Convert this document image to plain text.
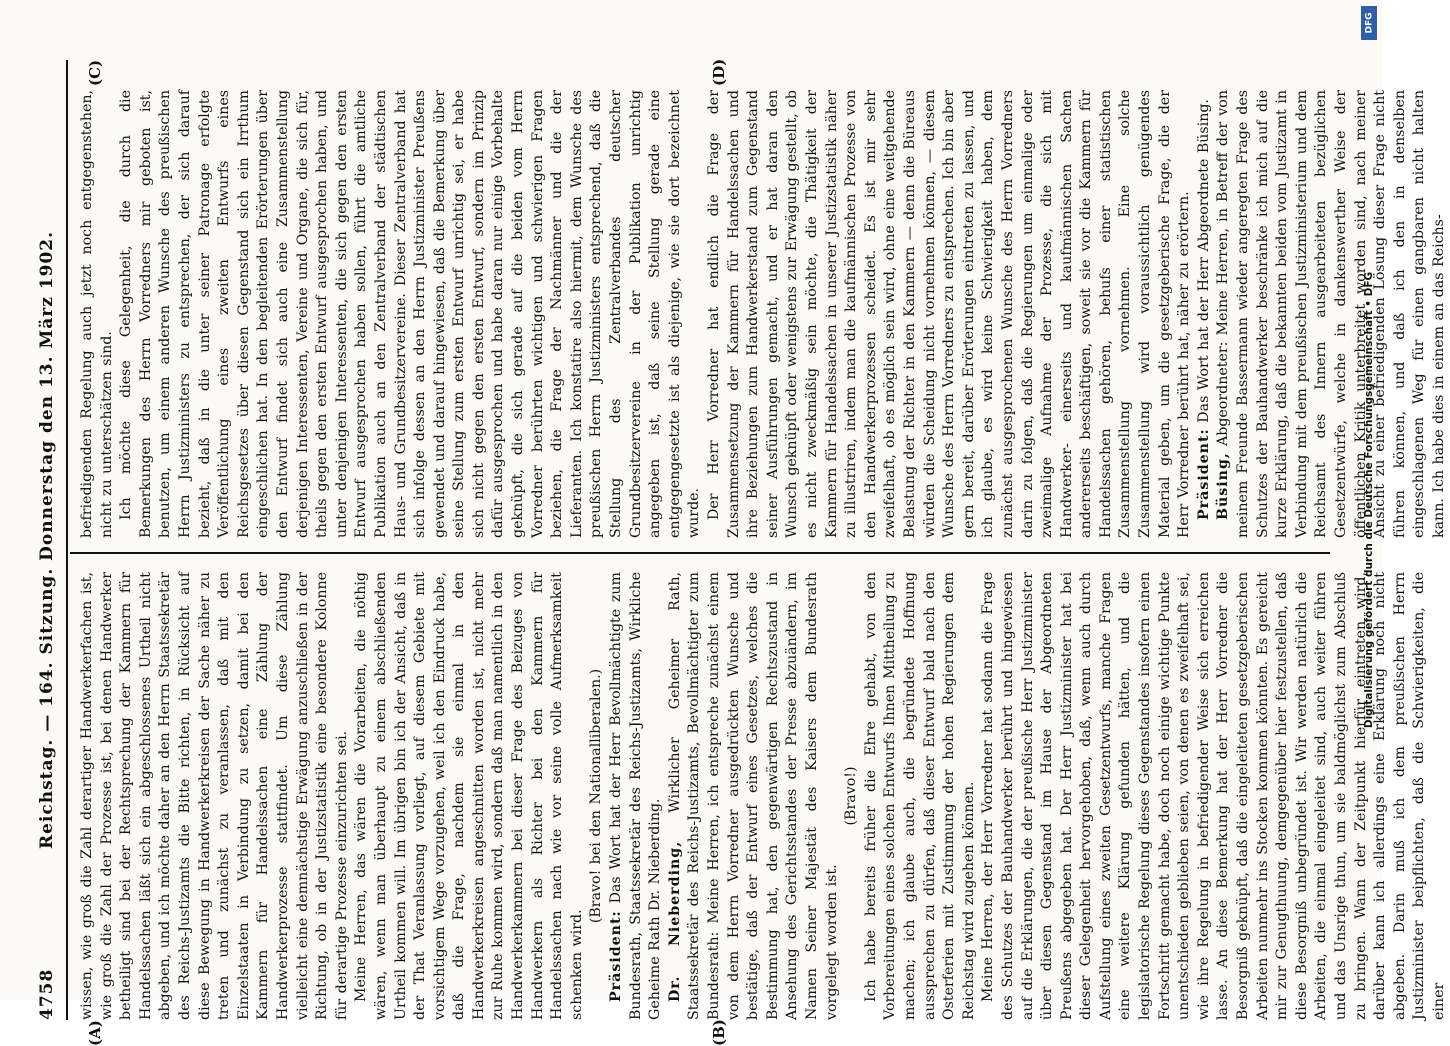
4758
Reichstag. — 164. Sitzung. Donnerstag den 13. März 1902. wissen, wie groß die Zahl derartiger Handwerkerfachen ist, wie groß die Zahl der Prozesse ist, bei denen Handwerker betheiligt sind bei der Rechtsprechung der Kammern für Handelssachen läßt sich ein abgeschlossenes Urtheil nicht abgeben, und ich möchte daher an den Herrn Staatssekretär des Reichs-Justizamts die Bitte richten, in Rücksicht auf diese Bewegung in Handwerkerkreisen der Sache näher zu treten und zunächst zu veranlassen, daß mit den Einzelstaaten in Verbindung zu setzen, damit bei den Kammern für Handelssachen eine Zählung der Handwerkerprozesse stattfindet. Um diese Zählung vielleicht eine demnächstige Erwägung anzuschließen in der Richtung, ob in der Justizstatistik eine besondere Kolonne für derartige Prozesse einzurichten sei. Meine Herren, das wären die Vorarbeiten, die nöthig wären, wenn man überhaupt zu einem abschließenden Urtheil kommen will. Im übrigen bin ich der Ansicht, daß in der That Veranlassung vorliegt, auf diesem Gebiete mit vorsichtigem Wege vorzugehen, weil ich den Eindruck habe, daß die Frage, nachdem sie einmal in den Handwerkerkreisen angeschnitten worden ist, nicht mehr zur Ruhe kommen wird, sondern daß man namentlich in den Handwerkerkammern bei dieser Frage des Beizuges von Handwerkern als Richter bei den Kammern für Handelssachen nach wie vor seine volle Aufmerksamkeit schenken wird.

(Bravo! bei den Nationalliberalen.)

Präsident: Das Wort hat der Herr Bevollmächtigte zum Bundesrath, Staatssekretär des Reichs-Justizamts, Wirkliche Geheime Rath Dr. Nieberding. Dr. Nieberding, Wirklicher Geheimer Rath, Staatssekretär des Reichs-Justizamts, Bevollmächtigter zum Bundesrath: Meine Herren, ich entspreche zunächst einem von dem Herrn Vorredner ausgedrückten Wunsche und bestätige, daß der Entwurf eines Gesetzes, welches die Bestimmung hat, den gegenwärtigen Rechtszustand in Ansehung des Gerichtsstandes der Presse abzuändern, im Namen Seiner Majestät des Kaisers dem Bundesrath vorgelegt worden ist.

(Bravo!) Ich habe bereits früher die Ehre gehabt, von den Vorbereitungen eines solchen Entwurfs Ihnen Mittheilung zu machen; ich glaube auch, die begründete Hoffnung aussprechen zu dürfen, daß dieser Entwurf bald nach den Osterferien mit Zustimmung der hohen Regierungen dem Reichstag wird zugehen können. Meine Herren, der Herr Vorredner hat sodann die Frage des Schutzes der Bauhandwerker berührt und hingewiesen auf die Erklärungen, die der preußische Herr Justizminister über diesen Gegenstand im Hause der Abgeordneten Preußens abgegeben hat. Der Herr Justizminister hat bei dieser Gelegenheit hervorgehoben, daß, wenn auch durch Aufstellung eines zweiten Gesetzentwurfs, manche Fragen eine weitere Klärung gefunden hätten, und die legislatorische Regelung dieses Gegenstandes insofern einen Fortschritt gemacht habe, doch noch einige wichtige Punkte unentschieden geblieben seien, von denen es zweifelhaft sei, wie ihre Regelung in befriedigender Weise sich erreichen lasse. An diese Bemerkung hat der Herr Vorredner die Besorgniß geknüpft, daß die eingeleiteten gesetzgeberischen Arbeiten nunmehr ins Stocken kommen könnten. Es gereicht mir zur Genugthuung, demgegenüber hier festzustellen, daß diese Besorgniß unbegründet ist. Wir werden natürlich die Arbeiten, die einmal eingeleitet sind, auch weiter führen und das Unsrige thun, um sie baldmöglichst zum Abschluß zu bringen. Wann der Zeitpunkt hierfür eintreten wird, darüber kann ich allerdings eine Erklärung noch nicht abgeben. Darin muß ich dem preußischen Herrn Justizminister beipflichten, daß die Schwierigkeiten, die einer

befriedigenden Regelung auch jetzt noch entgegenstehen, nicht zu unterschätzen sind. Ich möchte diese Gelegenheit, die durch die Bemerkungen des Herrn Vorredners mir geboten ist, benutzen, um einem anderen Wunsche des preußischen Herrn Justizministers zu entsprechen, der sich darauf bezieht, daß in die unter seiner Patronage erfolgte Veröffentlichung eines zweiten Entwurfs eines Reichsgesetzes über diesen Gegenstand sich ein Irrthum eingeschlichen hat. In den begleitenden Erörterungen über den Entwurf findet sich auch eine Zusammenstellung derjenigen Interessenten, Vereine und Organe, die sich für, theils gegen den ersten Entwurf ausgesprochen haben, und unter denjenigen Interessenten, die sich gegen den ersten Entwurf ausgesprochen haben sollen, führt die amtliche Publikation auch an den Zentralverband der städtischen Haus- und Grundbesitzervereine. Dieser Zentralverband hat sich infolge dessen an den Herrn Justizminister Preußens gewendet und darauf hingewiesen, daß die Bemerkung über seine Stellung zum ersten Entwurf unrichtig sei, er habe sich nicht gegen den ersten Entwurf, sondern im Prinzip dafür ausgesprochen und habe daran nur einige Vorbehalte geknüpft, die sich gerade auf die beiden vom Herrn Vorredner berührten wichtigen und schwierigen Fragen beziehen, die Frage der Nachmänner und die der Lieferanten. Ich konstatire also hiermit, dem Wunsche des preußischen Herrn Justizministers entsprechend, daß die Stellung des Zentralverbandes deutscher Grundbesitzervereine in der Publikation unrichtig angegeben ist, daß seine Stellung gerade eine entgegengesetzte ist als diejenige, wie sie dort bezeichnet wurde. Der Herr Vorredner hat endlich die Frage der Zusammensetzung der Kammern für Handelssachen und ihre Beziehungen zum Handwerkerstand zum Gegenstand seiner Ausführungen gemacht, und er hat daran den Wunsch geknüpft oder wenigstens zur Erwägung gestellt, ob es nicht zweckmäßig sein möchte, die Thätigkeit der Kammern für Handelssachen in unserer Justizstatistik näher zu illustriren, indem man die kaufmännischen Prozesse von den Handwerkerprozessen scheidet. Es ist mir sehr zweifelhaft, ob es möglich sein wird, ohne eine weitgehende Belastung der Richter in den Kammern — denn die Büreaus würden die Scheidung nicht vornehmen können, — diesem Wunsche des Herrn Vorredners zu entsprechen. Ich bin aber gern bereit, darüber Erörterungen eintreten zu lassen, und ich glaube, es wird keine Schwierigkeit haben, dem zunächst ausgesprochenen Wunsche des Herrn Vorredners darin zu folgen, daß die Regierungen um einmalige oder zweimalige Aufnahme der Prozesse, die sich mit Handwerker- einerseits und kaufmännischen Sachen andererseits beschäftigen, soweit sie vor die Kammern für Handelssachen gehören, behufs einer statistischen Zusammenstellung vornehmen. Eine solche Zusammenstellung wird voraussichtlich genügendes Material geben, um die gesetzgeberische Frage, die der Herr Vorredner berührt hat, näher zu erörtern. Präsident: Das Wort hat der Herr Abgeordnete Büsing.

Büsing, Abgeordneter: Meine Herren, in Betreff der von meinem Freunde Bassermann wieder angeregten Frage des Schutzes der Bauhandwerker beschränke ich mich auf die kurze Erklärung, daß die bekannten beiden vom Justizamt in Verbindung mit dem preußischen Justizministerium und dem Reichsamt des Innern ausgearbeiteten bezüglichen Gesetzentwürfe, welche in dankenswerther Weise der öffentlichen Kritik unterbreitet worden sind, nach meiner Ansicht zu einer befriedigenden Lösung dieser Frage nicht führen können, und daß ich den in denselben eingeschlagenen Weg für einen gangbaren nicht halten kann. Ich habe dies in einem an das Reichs-

(A)	(B)
(C)	(D)
DFG
Digitalisierung gefördert durch die Deutsche Forschungsgemeinschaft • DFG
